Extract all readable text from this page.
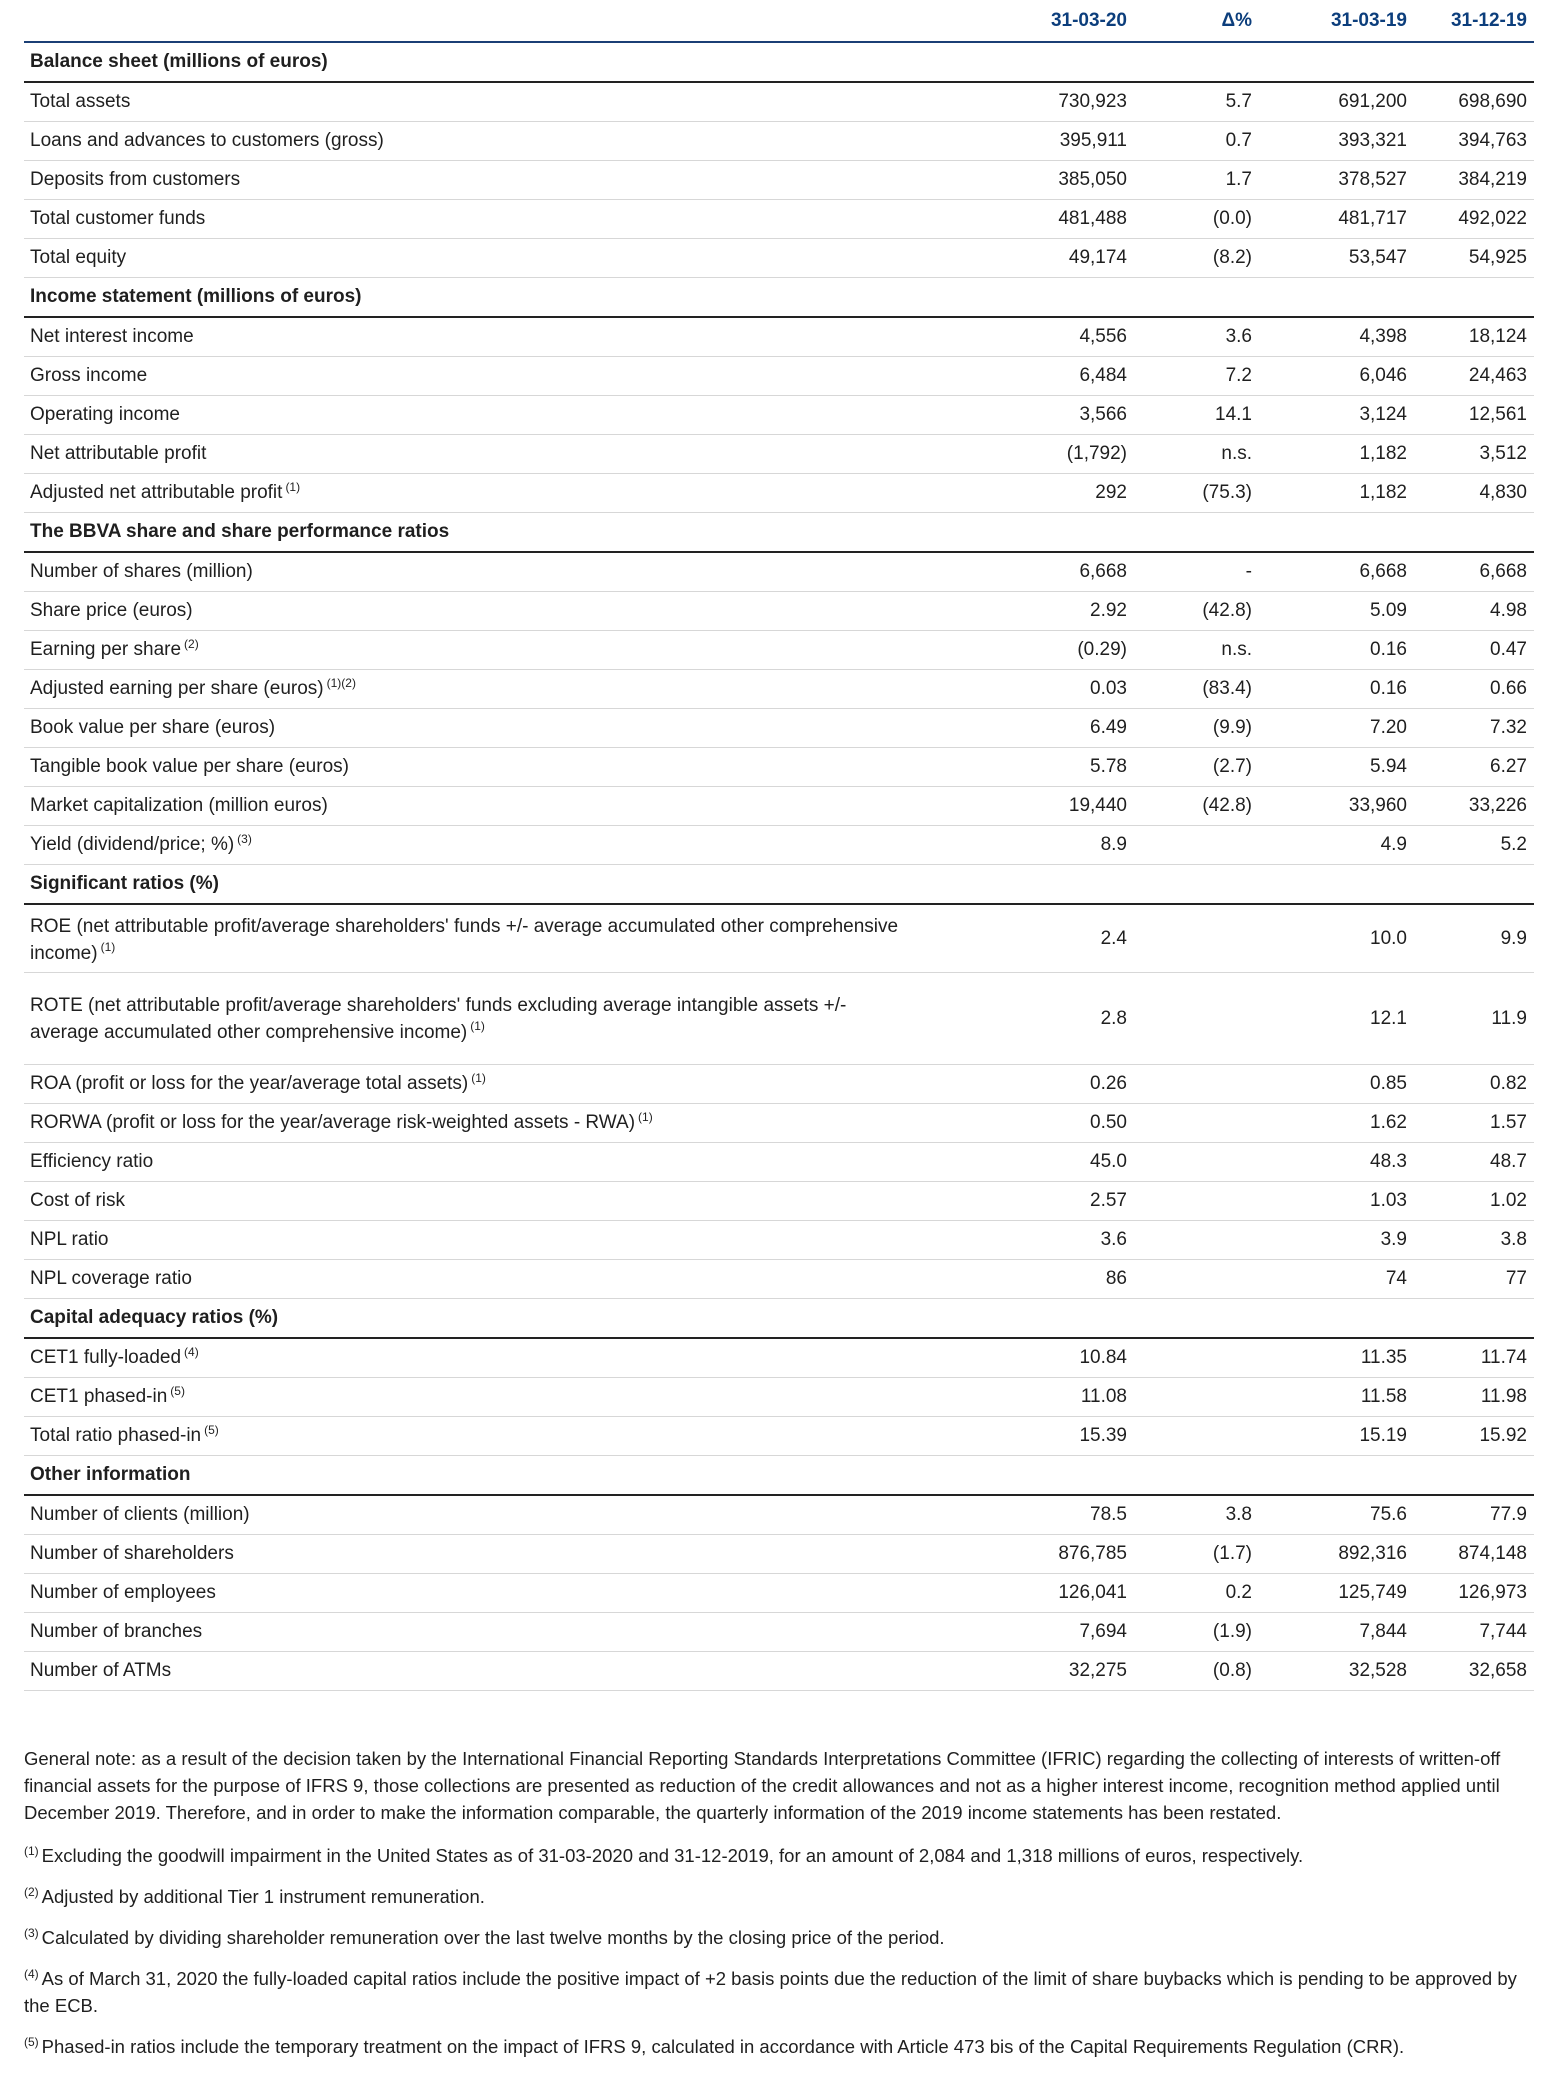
	31-03-20	Δ%	31-03-19	31-12-19
Balance sheet (millions of euros)				
Total assets	730,923	5.7	691,200	698,690
Loans and advances to customers (gross)	395,911	0.7	393,321	394,763
Deposits from customers	385,050	1.7	378,527	384,219
Total customer funds	481,488	(0.0)	481,717	492,022
Total equity	49,174	(8.2)	53,547	54,925
Income statement (millions of euros)				
Net interest income	4,556	3.6	4,398	18,124
Gross income	6,484	7.2	6,046	24,463
Operating income	3,566	14.1	3,124	12,561
Net attributable profit	(1,792)	n.s.	1,182	3,512
Adjusted net attributable profit $^{(1)}$	292	(75.3)	1,182	4,830
The BBVA share and share performance ratios				
Number of shares (million)	6,668	-	6,668	6,668
Share price (euros)	2.92	(42.8)	5.09	4.98
Earning per share $^{(2)}$	(0.29)	n.s.	0.16	0.47
Adjusted earning per share (euros) $^{(1)(2)}$	0.03	(83.4)	0.16	0.66
Book value per share (euros)	6.49	(9.9)	7.20	7.32
Tangible book value per share (euros)	5.78	(2.7)	5.94	6.27
Market capitalization (million euros)	19,440	(42.8)	33,960	33,226
Yield (dividend/price; %) $^{(3)}$	8.9		4.9	5.2
Significant ratios (%)				
ROE (net attributable profit/average shareholders' funds +/- average accumulated other comprehensive income) $^{(1)}$	2.4		10.0	9.9
ROTE (net attributable profit/average shareholders' funds excluding average intangible assets +/- average accumulated other comprehensive income) $^{(1)}$	2.8		12.1	11.9
ROA (profit or loss for the year/average total assets) $^{(1)}$	0.26		0.85	0.82
RORWA (profit or loss for the year/average risk-weighted assets - RWA) $^{(1)}$	0.50		1.62	1.57
Efficiency ratio	45.0		48.3	48.7
Cost of risk	2.57		1.03	1.02
NPL ratio	3.6		3.9	3.8
NPL coverage ratio	86		74	77
Capital adequacy ratios (%)				
CET1 fully-loaded $^{(4)}$	10.84		11.35	11.74
CET1 phased-in $^{(5)}$	11.08		11.58	11.98
Total ratio phased-in $^{(5)}$	15.39		15.19	15.92
Other information				
Number of clients (million)	78.5	3.8	75.6	77.9
Number of shareholders	876,785	(1.7)	892,316	874,148
Number of employees	126,041	0.2	125,749	126,973
Number of branches	7,694	(1.9)	7,844	7,744
Number of ATMs	32,275	(0.8)	32,528	32,658

General note: as a result of the decision taken by the International Financial Reporting Standards Interpretations Committee (IFRIC) regarding the collecting of interests of written-off financial assets for the purpose of IFRS 9, those collections are presented as reduction of the credit allowances and not as a higher interest income, recognition method applied until December 2019. Therefore, and in order to make the information comparable, the quarterly information of the 2019 income statements has been restated.

$^{(1)}$ Excluding the goodwill impairment in the United States as of 31-03-2020 and 31-12-2019, for an amount of 2,084 and 1,318 millions of euros, respectively.

$^{(2)}$ Adjusted by additional Tier 1 instrument remuneration.

$^{(3)}$ Calculated by dividing shareholder remuneration over the last twelve months by the closing price of the period.

$^{(4)}$ As of March 31, 2020 the fully-loaded capital ratios include the positive impact of +2 basis points due the reduction of the limit of share buybacks which is pending to be approved by the ECB.

$^{(5)}$ Phased-in ratios include the temporary treatment on the impact of IFRS 9, calculated in accordance with Article 473 bis of the Capital Requirements Regulation (CRR).
